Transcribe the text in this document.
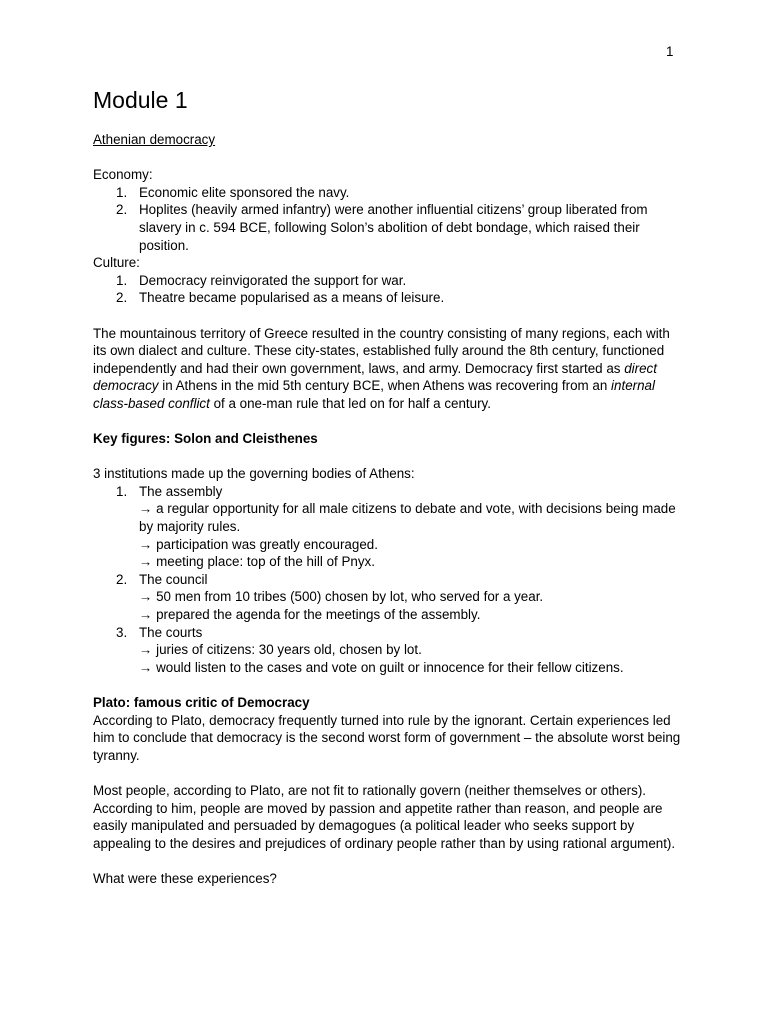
1
Module 1

Athenian democracy

Economy:

1. Economic elite sponsored the navy.
2. Hoplites (heavily armed infantry) were another influential citizens’ group liberated from slavery in c. 594 BCE, following Solon’s abolition of debt bondage, which raised their position.

Culture:

1. Democracy reinvigorated the support for war.
2. Theatre became popularised as a means of leisure.

The mountainous territory of Greece resulted in the country consisting of many regions, each with its own dialect and culture. These city-states, established fully around the 8th century, functioned independently and had their own government, laws, and army. Democracy first started as direct democracy in Athens in the mid 5th century BCE, when Athens was recovering from an internal class-based conflict of a one-man rule that led on for half a century.

Key figures: Solon and Cleisthenes

3 institutions made up the governing bodies of Athens:

1. The assembly
→ a regular opportunity for all male citizens to debate and vote, with decisions being made by majority rules.
→ participation was greatly encouraged.
→ meeting place: top of the hill of Pnyx.
2. The council
→ 50 men from 10 tribes (500) chosen by lot, who served for a year.
→ prepared the agenda for the meetings of the assembly.
3. The courts
→ juries of citizens: 30 years old, chosen by lot.
→ would listen to the cases and vote on guilt or innocence for their fellow citizens.

Plato: famous critic of Democracy

According to Plato, democracy frequently turned into rule by the ignorant. Certain experiences led him to conclude that democracy is the second worst form of government – the absolute worst being tyranny.

Most people, according to Plato, are not fit to rationally govern (neither themselves or others). According to him, people are moved by passion and appetite rather than reason, and people are easily manipulated and persuaded by demagogues (a political leader who seeks support by appealing to the desires and prejudices of ordinary people rather than by using rational argument).

What were these experiences?
